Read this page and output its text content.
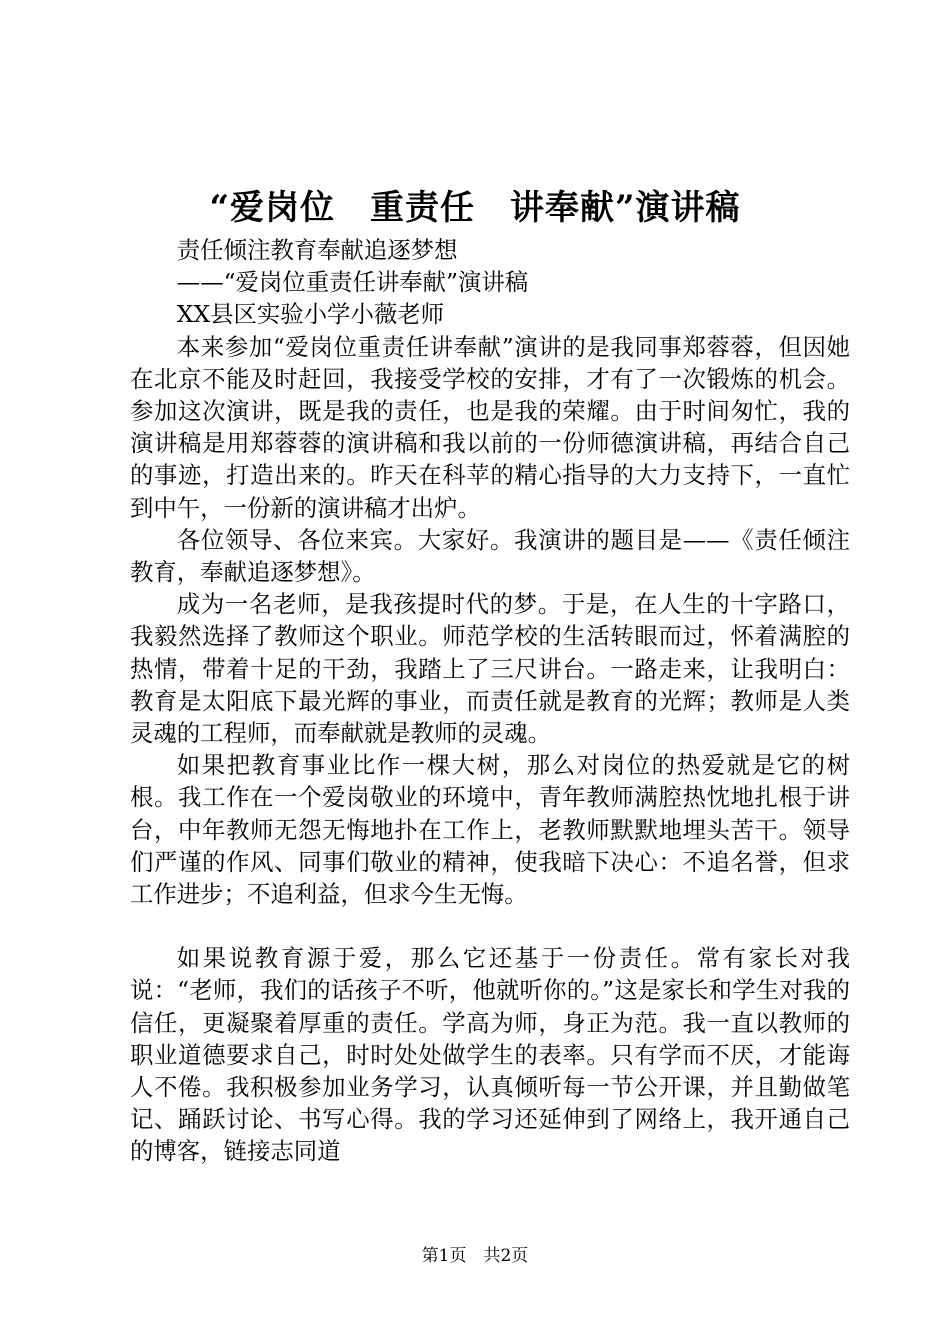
“爱岗位　重责任　讲奉献”演讲稿

责任倾注教育奉献追逐梦想

——“爱岗位重责任讲奉献”演讲稿

XX县区实验小学小薇老师

本来参加“爱岗位重责任讲奉献”演讲的是我同事郑蓉蓉，但因她在北京不能及时赶回，我接受学校的安排，才有了一次锻炼的机会。参加这次演讲，既是我的责任，也是我的荣耀。由于时间匆忙，我的演讲稿是用郑蓉蓉的演讲稿和我以前的一份师德演讲稿，再结合自己的事迹，打造出来的。昨天在科苹的精心指导的大力支持下，一直忙到中午，一份新的演讲稿才出炉。

各位领导、各位来宾。大家好。我演讲的题目是——《责任倾注教育，奉献追逐梦想》。

成为一名老师，是我孩提时代的梦。于是，在人生的十字路口，我毅然选择了教师这个职业。师范学校的生活转眼而过，怀着满腔的热情，带着十足的干劲，我踏上了三尺讲台。一路走来，让我明白：教育是太阳底下最光辉的事业，而责任就是教育的光辉；教师是人类灵魂的工程师，而奉献就是教师的灵魂。

如果把教育事业比作一棵大树，那么对岗位的热爱就是它的树根。我工作在一个爱岗敬业的环境中，青年教师满腔热忱地扎根于讲台，中年教师无怨无悔地扑在工作上，老教师默默地埋头苦干。领导们严谨的作风、同事们敬业的精神，使我暗下决心：不追名誉，但求工作进步；不追利益，但求今生无悔。

如果说教育源于爱，那么它还基于一份责任。常有家长对我说：“老师，我们的话孩子不听，他就听你的。”这是家长和学生对我的信任，更凝聚着厚重的责任。学高为师，身正为范。我一直以教师的职业道德要求自己，时时处处做学生的表率。只有学而不厌，才能诲人不倦。我积极参加业务学习，认真倾听每一节公开课，并且勤做笔记、踊跃讨论、书写心得。我的学习还延伸到了网络上，我开通自己的博客，链接志同道

第1页　共2页
